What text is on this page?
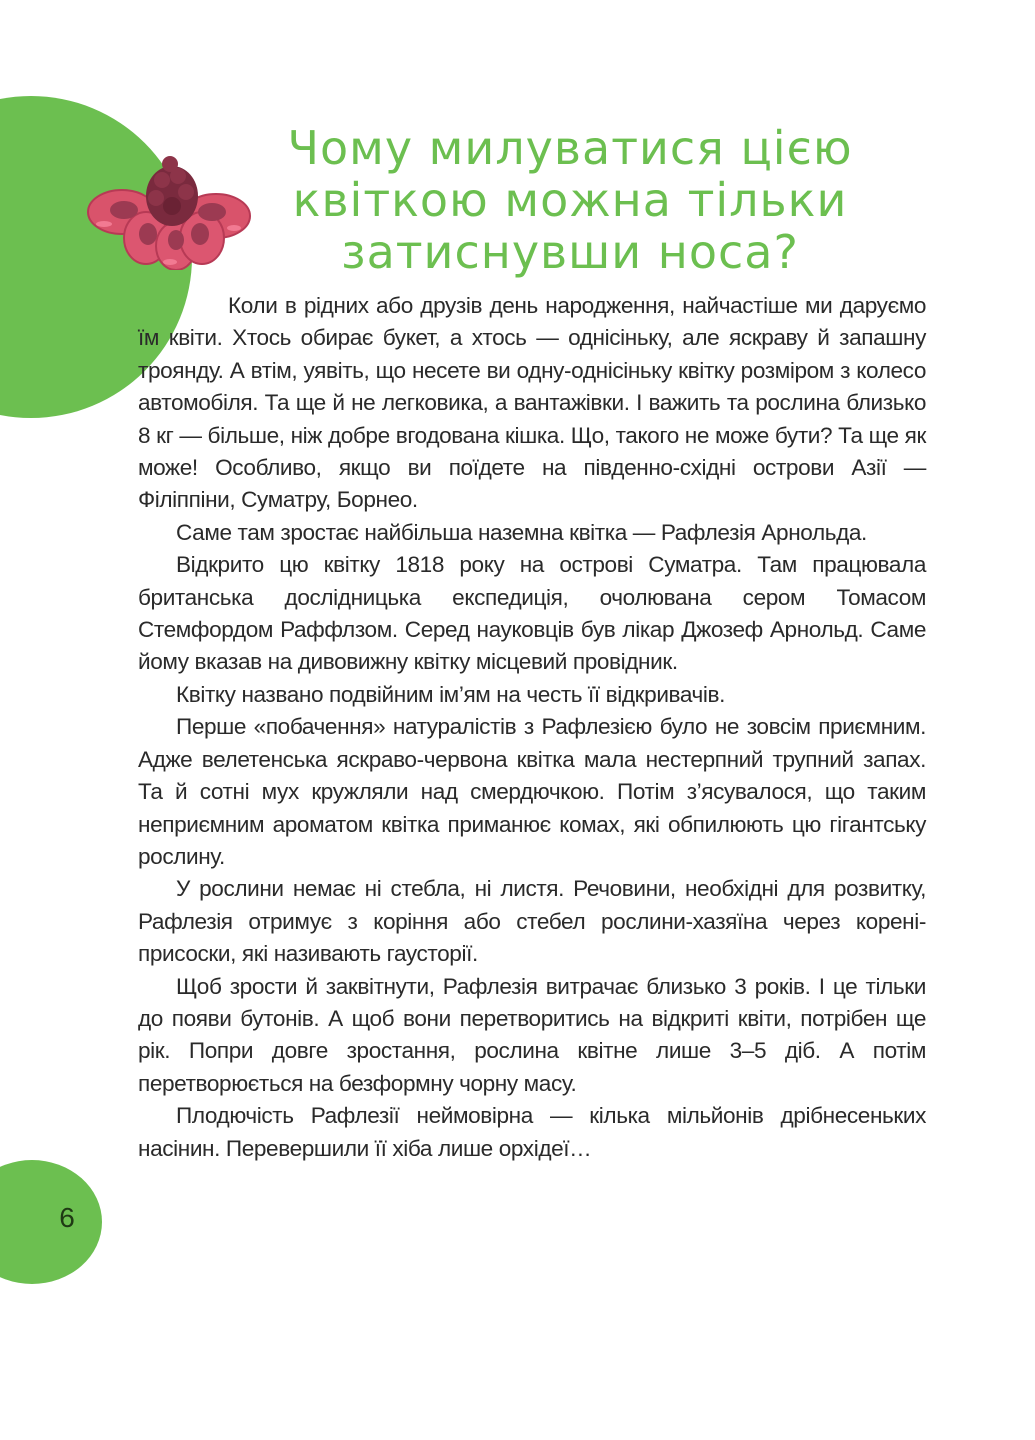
Чому милуватися цією
квіткою можна тільки
затиснувши носа?

Коли в рідних або друзів день народження, найчастіше ми даруємо їм квіти. Хтось обирає букет, а хтось — однісіньку, але яскраву й запашну троянду. А втім, уявіть, що несете ви одну-однісіньку квітку розміром з колесо автомобіля. Та ще й не легковика, а вантажівки. І важить та рослина близько 8 кг — більше, ніж добре вгодована кішка. Що, такого не може бути? Та ще як може! Особливо, якщо ви поїдете на південно-східні острови Азії — Філіппіни, Суматру, Борнео.

Саме там зростає найбільша наземна квітка — Рафлезія Арнольда.

Відкрито цю квітку 1818 року на острові Суматра. Там працювала британська дослідницька експедиція, очолювана сером Томасом Стемфордом Раффлзом. Серед науковців був лікар Джозеф Арнольд. Саме йому вказав на дивовижну квітку місцевий провідник.

Квітку названо подвійним ім’ям на честь її відкривачів.

Перше «побачення» натуралістів з Рафлезією було не зовсім приємним. Адже велетенська яскраво-червона квітка мала нестерпний трупний запах. Та й сотні мух кружляли над смердючкою. Потім з’ясувалося, що таким неприємним ароматом квітка приманює комах, які обпилюють цю гігантську рослину.

У рослини немає ні стебла, ні листя. Речовини, необхідні для розвитку, Рафлезія отримує з коріння або стебел рослини-хазяїна через корені-присоски, які називають гаусторії.

Щоб зрости й заквітнути, Рафлезія витрачає близько 3 років. І це тільки до появи бутонів. А щоб вони перетворитись на відкриті квіти, потрібен ще рік. Попри довге зростання, рослина квітне лише 3–5 діб. А потім перетворюється на безформну чорну масу.

Плодючість Рафлезії неймовірна — кілька мільйонів дрібнесеньких насінин. Перевершили її хіба лише орхідеї…

6
